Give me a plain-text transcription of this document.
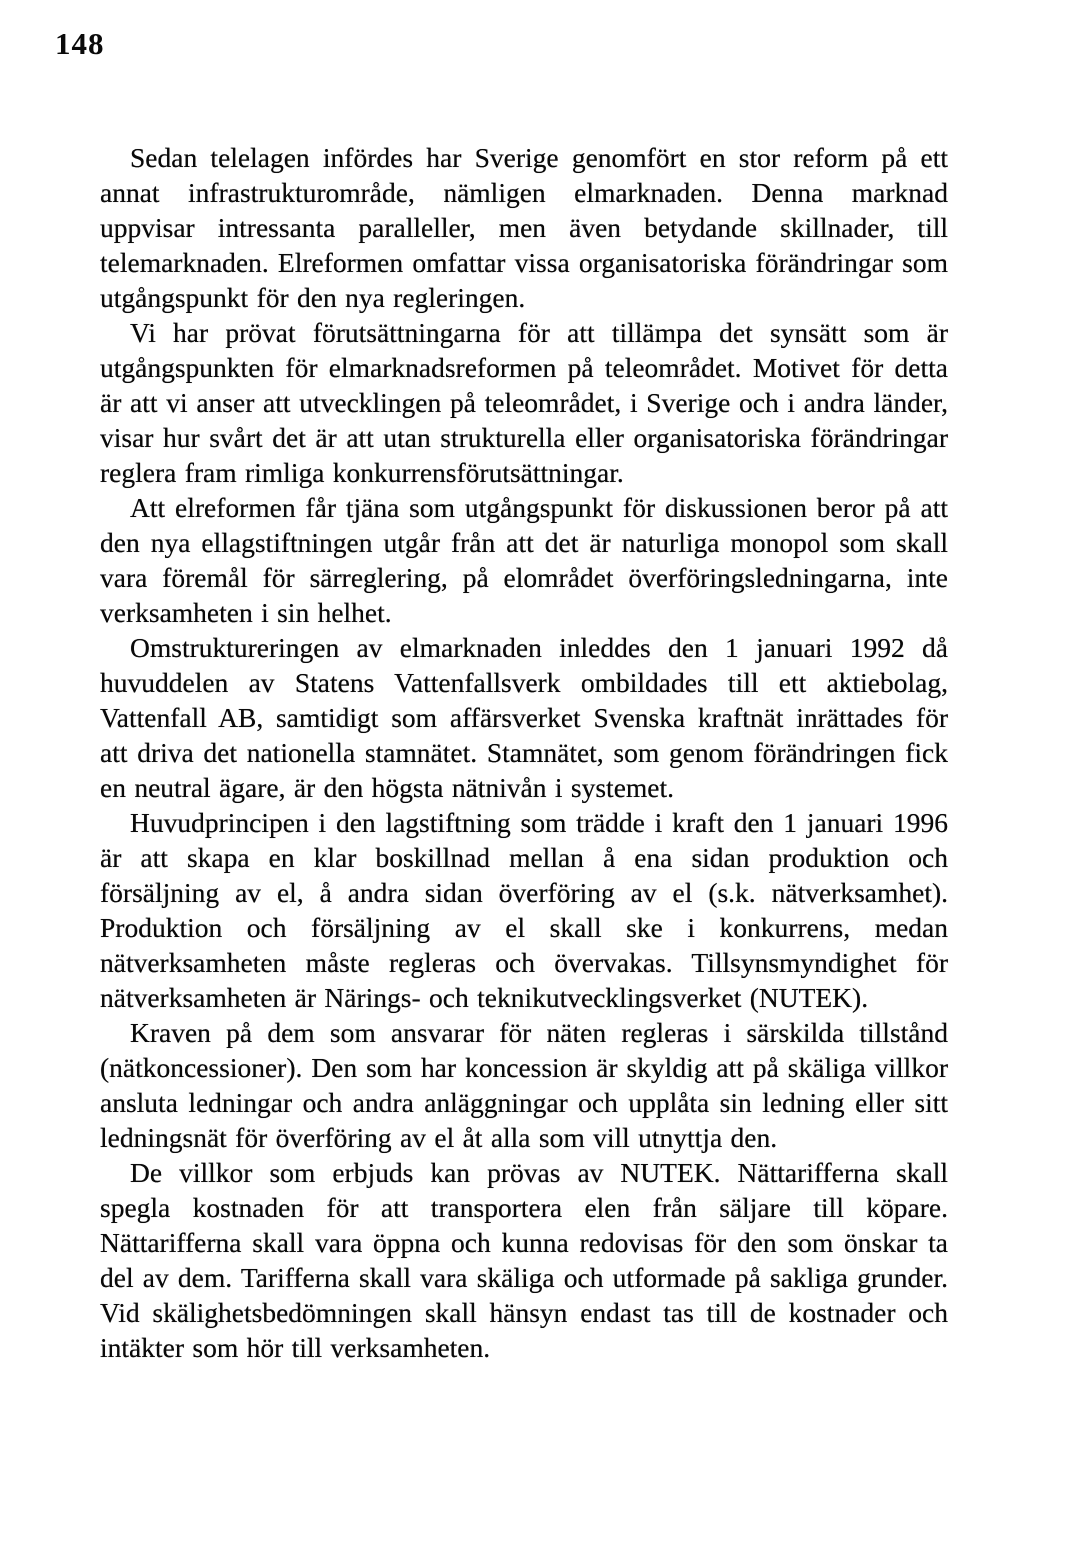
148

Sedan telelagen infördes har Sverige genomfört en stor reform på ett annat infrastrukturområde, nämligen elmarknaden. Denna marknad uppvisar intressanta paralleller, men även betydande skillnader, till telemarknaden. Elreformen omfattar vissa organisatoriska förändringar som utgångspunkt för den nya regleringen.

Vi har prövat förutsättningarna för att tillämpa det synsätt som är utgångspunkten för elmarknadsreformen på teleområdet. Motivet för detta är att vi anser att utvecklingen på teleområdet, i Sverige och i andra länder, visar hur svårt det är att utan strukturella eller organisatoriska förändringar reglera fram rimliga konkurrensförutsättningar.

Att elreformen får tjäna som utgångspunkt för diskussionen beror på att den nya ellagstiftningen utgår från att det är naturliga monopol som skall vara föremål för särreglering, på elområdet överföringsledningarna, inte verksamheten i sin helhet.

Omstruktureringen av elmarknaden inleddes den 1 januari 1992 då huvuddelen av Statens Vattenfallsverk ombildades till ett aktiebolag, Vattenfall AB, samtidigt som affärsverket Svenska kraftnät inrättades för att driva det nationella stamnätet. Stamnätet, som genom förändringen fick en neutral ägare, är den högsta nätnivån i systemet.

Huvudprincipen i den lagstiftning som trädde i kraft den 1 januari 1996 är att skapa en klar boskillnad mellan å ena sidan produktion och försäljning av el, å andra sidan överföring av el (s.k. nätverksamhet). Produktion och försäljning av el skall ske i konkurrens, medan nätverksamheten måste regleras och övervakas. Tillsynsmyndighet för nätverksamheten är Närings- och teknikutvecklingsverket (NUTEK).

Kraven på dem som ansvarar för näten regleras i särskilda tillstånd (nätkoncessioner). Den som har koncession är skyldig att på skäliga villkor ansluta ledningar och andra anläggningar och upplåta sin ledning eller sitt ledningsnät för överföring av el åt alla som vill utnyttja den.

De villkor som erbjuds kan prövas av NUTEK. Nättarifferna skall spegla kostnaden för att transportera elen från säljare till köpare. Nättarifferna skall vara öppna och kunna redovisas för den som önskar ta del av dem. Tarifferna skall vara skäliga och utformade på sakliga grunder. Vid skälighetsbedömningen skall hänsyn endast tas till de kostnader och intäkter som hör till verksamheten.
